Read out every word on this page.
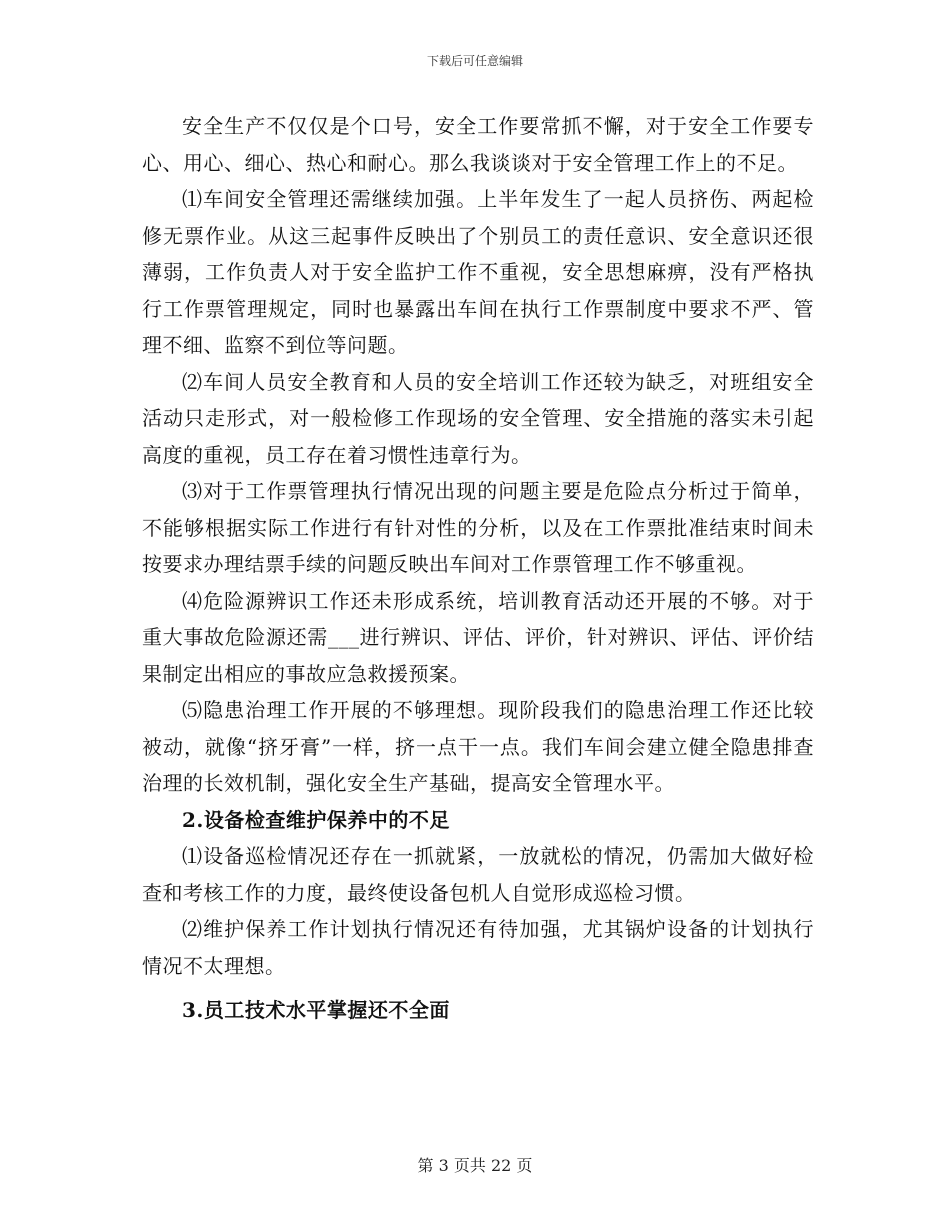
下载后可任意编辑

安全生产不仅仅是个口号，安全工作要常抓不懈，对于安全工作要专心、用心、细心、热心和耐心。那么我谈谈对于安全管理工作上的不足。

⑴车间安全管理还需继续加强。上半年发生了一起人员挤伤、两起检修无票作业。从这三起事件反映出了个别员工的责任意识、安全意识还很薄弱，工作负责人对于安全监护工作不重视，安全思想麻痹，没有严格执行工作票管理规定，同时也暴露出车间在执行工作票制度中要求不严、管理不细、监察不到位等问题。

⑵车间人员安全教育和人员的安全培训工作还较为缺乏，对班组安全活动只走形式，对一般检修工作现场的安全管理、安全措施的落实未引起高度的重视，员工存在着习惯性违章行为。

⑶对于工作票管理执行情况出现的问题主要是危险点分析过于简单，不能够根据实际工作进行有针对性的分析，以及在工作票批准结束时间未按要求办理结票手续的问题反映出车间对工作票管理工作不够重视。

⑷危险源辨识工作还未形成系统，培训教育活动还开展的不够。对于重大事故危险源还需___进行辨识、评估、评价，针对辨识、评估、评价结果制定出相应的事故应急救援预案。

⑸隐患治理工作开展的不够理想。现阶段我们的隐患治理工作还比较被动，就像“挤牙膏”一样，挤一点干一点。我们车间会建立健全隐患排查治理的长效机制，强化安全生产基础，提高安全管理水平。

2.设备检查维护保养中的不足

⑴设备巡检情况还存在一抓就紧，一放就松的情况，仍需加大做好检查和考核工作的力度，最终使设备包机人自觉形成巡检习惯。

⑵维护保养工作计划执行情况还有待加强，尤其锅炉设备的计划执行情况不太理想。

3.员工技术水平掌握还不全面

第 3 页共 22 页
